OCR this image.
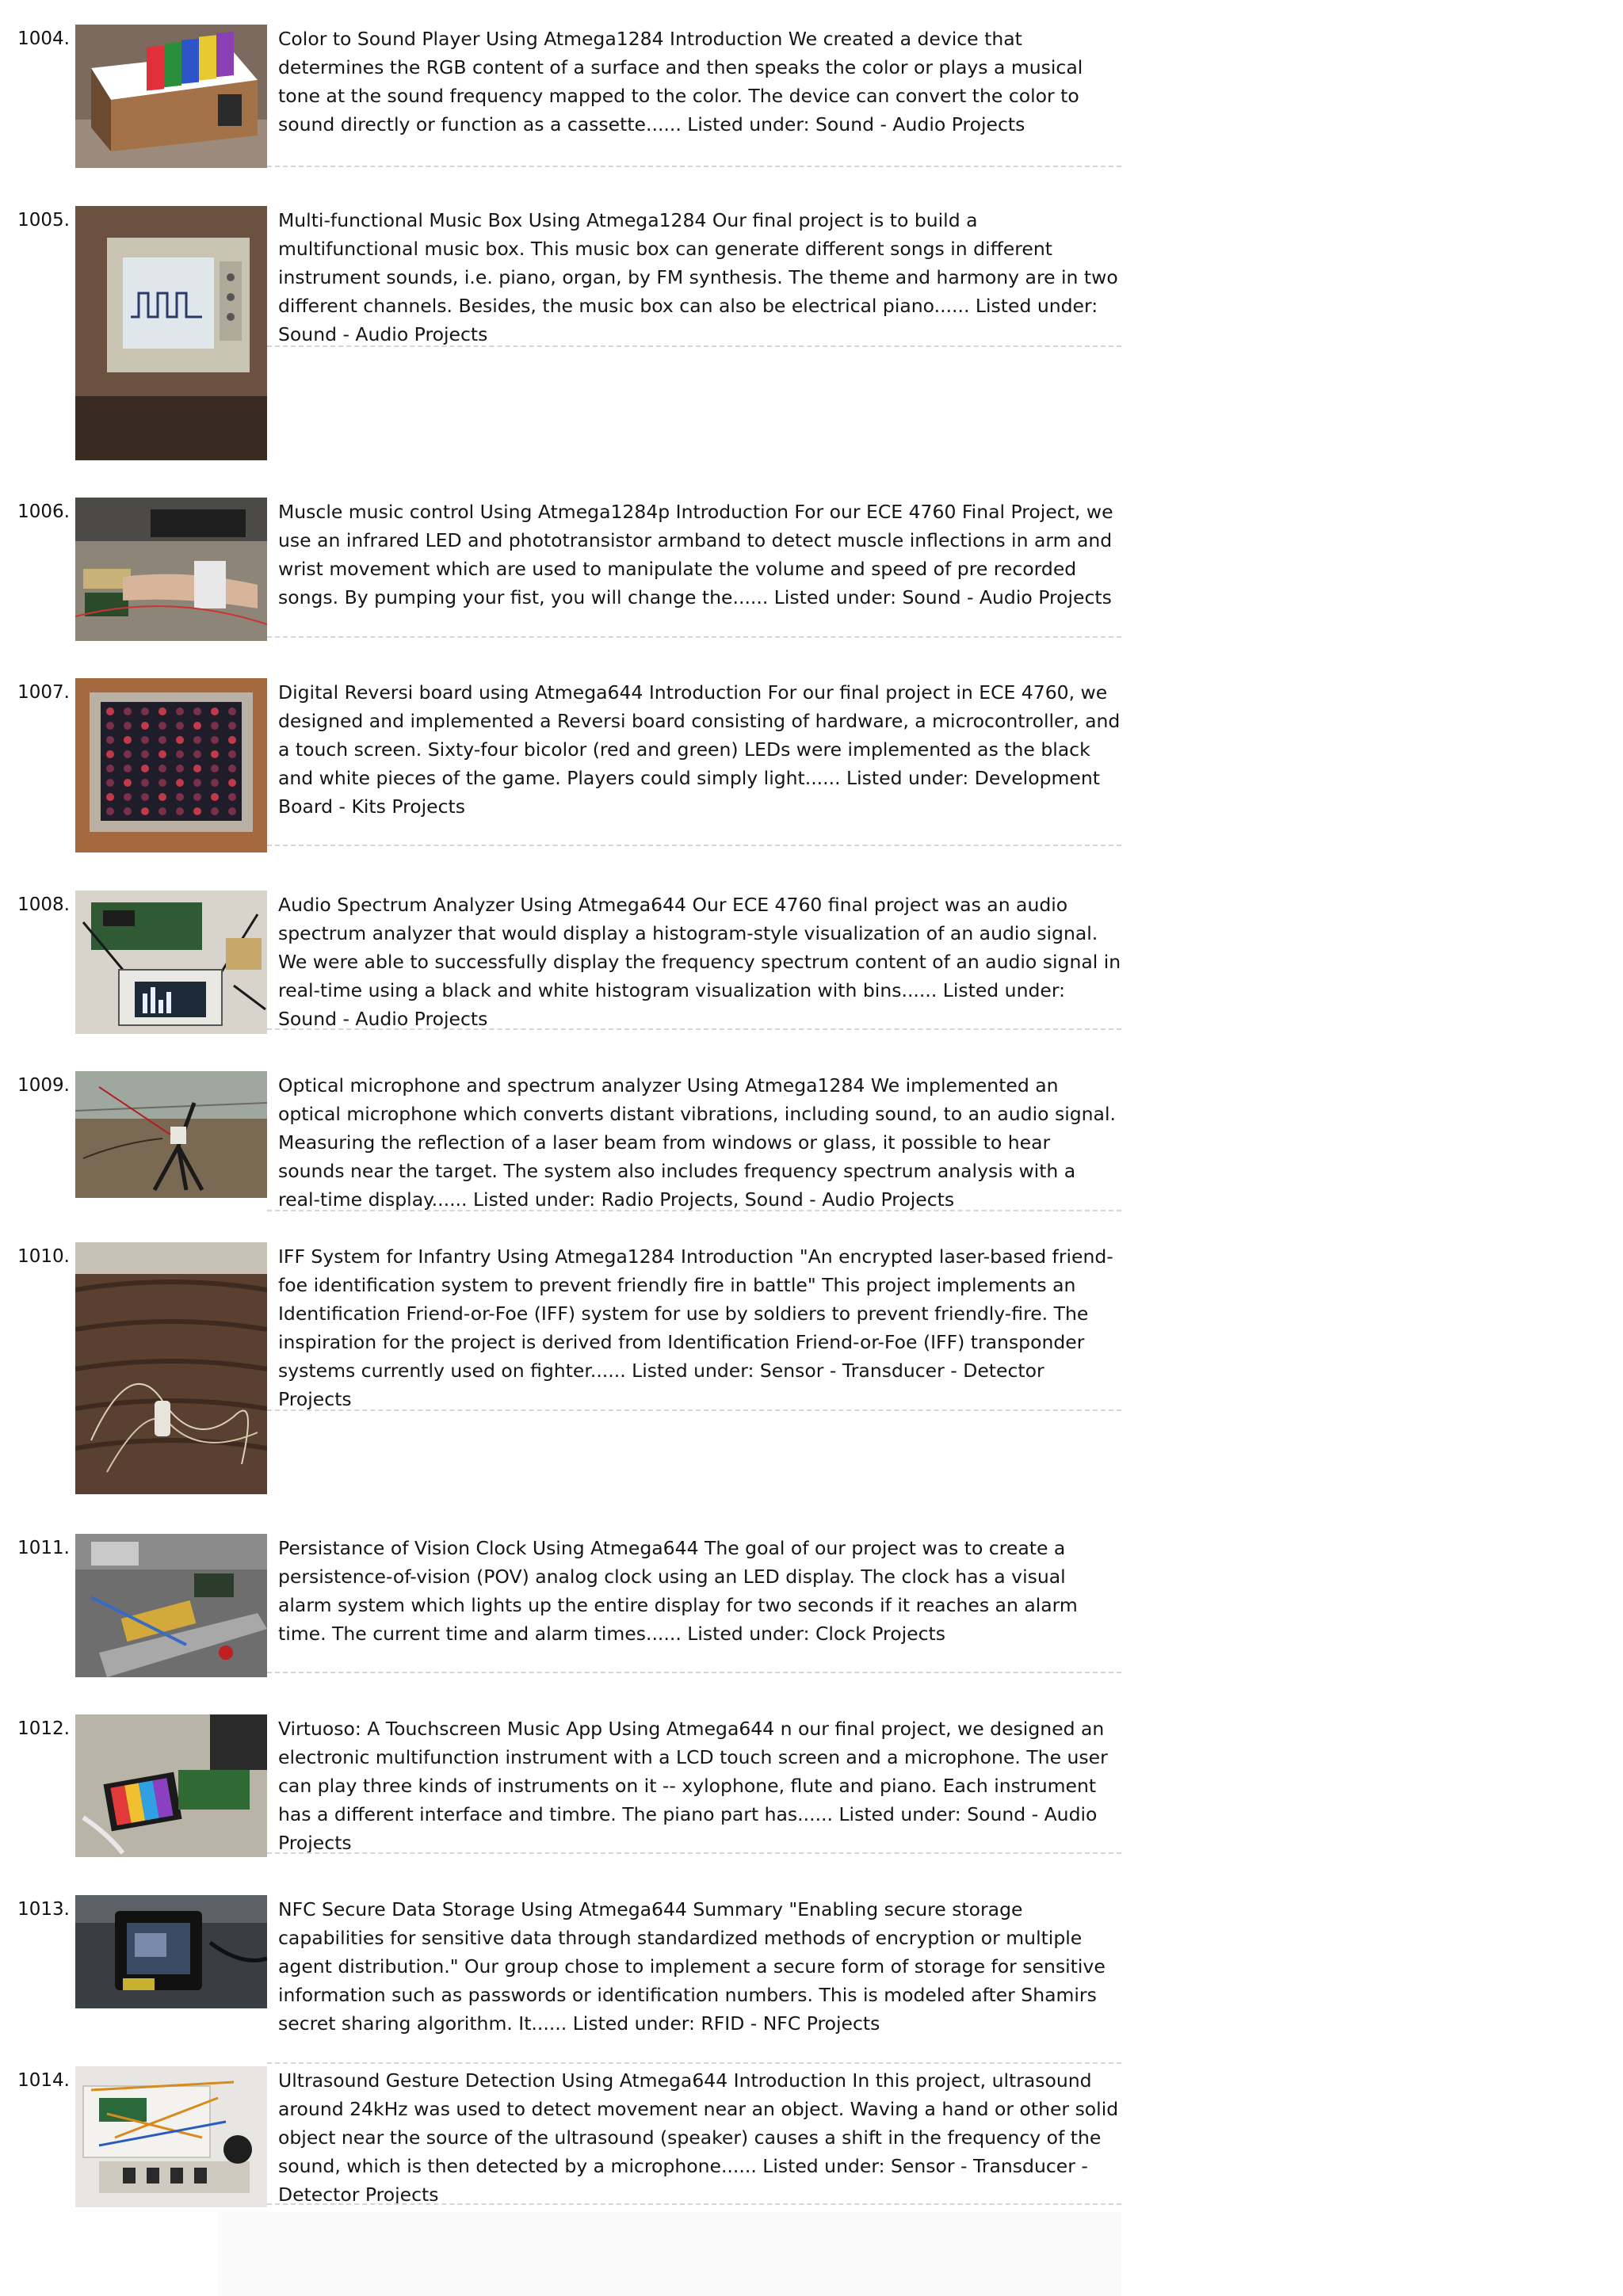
1004.	Color to Sound Player Using Atmega1284 Introduction We created a device that determines the RGB content of a surface and then speaks the color or plays a musical tone at the sound frequency mapped to the color. The device can convert the color to sound directly or function as a cassette...... Listed under: Sound - Audio Projects
1005.	Multi-functional Music Box Using Atmega1284 Our final project is to build a multifunctional music box. This music box can generate different songs in different instrument sounds, i.e. piano, organ, by FM synthesis. The theme and harmony are in two different channels. Besides, the music box can also be electrical piano...... Listed under: Sound - Audio Projects
1006.	Muscle music control Using Atmega1284p Introduction For our ECE 4760 Final Project, we use an infrared LED and phototransistor armband to detect muscle inflections in arm and wrist movement which are used to manipulate the volume and speed of pre recorded songs. By pumping your fist, you will change the...... Listed under: Sound - Audio Projects
1007.	Digital Reversi board using Atmega644 Introduction For our final project in ECE 4760, we designed and implemented a Reversi board consisting of hardware, a microcontroller, and a touch screen. Sixty-four bicolor (red and green) LEDs were implemented as the black and white pieces of the game. Players could simply light...... Listed under: Development Board - Kits Projects
1008.	Audio Spectrum Analyzer Using Atmega644 Our ECE 4760 final project was an audio spectrum analyzer that would display a histogram-style visualization of an audio signal. We were able to successfully display the frequency spectrum content of an audio signal in real-time using a black and white histogram visualization with bins...... Listed under: Sound - Audio Projects
1009.	Optical microphone and spectrum analyzer Using Atmega1284 We implemented an optical microphone which converts distant vibrations, including sound, to an audio signal. Measuring the reflection of a laser beam from windows or glass, it possible to hear sounds near the target. The system also includes frequency spectrum analysis with a real-time display...... Listed under: Radio Projects, Sound - Audio Projects
1010.	IFF System for Infantry Using Atmega1284 Introduction "An encrypted laser-based friend-foe identification system to prevent friendly fire in battle" This project implements an Identification Friend-or-Foe (IFF) system for use by soldiers to prevent friendly-fire. The inspiration for the project is derived from Identification Friend-or-Foe (IFF) transponder systems currently used on fighter...... Listed under: Sensor - Transducer - Detector Projects
1011.	Persistance of Vision Clock Using Atmega644 The goal of our project was to create a persistence-of-vision (POV) analog clock using an LED display. The clock has a visual alarm system which lights up the entire display for two seconds if it reaches an alarm time. The current time and alarm times...... Listed under: Clock Projects
1012.	Virtuoso: A Touchscreen Music App Using Atmega644 n our final project, we designed an electronic multifunction instrument with a LCD touch screen and a microphone. The user can play three kinds of instruments on it -- xylophone, flute and piano. Each instrument has a different interface and timbre. The piano part has...... Listed under: Sound - Audio Projects
1013.	NFC Secure Data Storage Using Atmega644 Summary "Enabling secure storage capabilities for sensitive data through standardized methods of encryption or multiple agent distribution." Our group chose to implement a secure form of storage for sensitive information such as passwords or identification numbers. This is modeled after Shamirs secret sharing algorithm. It...... Listed under: RFID - NFC Projects
1014.	Ultrasound Gesture Detection Using Atmega644 Introduction In this project, ultrasound around 24kHz was used to detect movement near an object. Waving a hand or other solid object near the source of the ultrasound (speaker) causes a shift in the frequency of the sound, which is then detected by a microphone...... Listed under: Sensor - Transducer - Detector Projects
